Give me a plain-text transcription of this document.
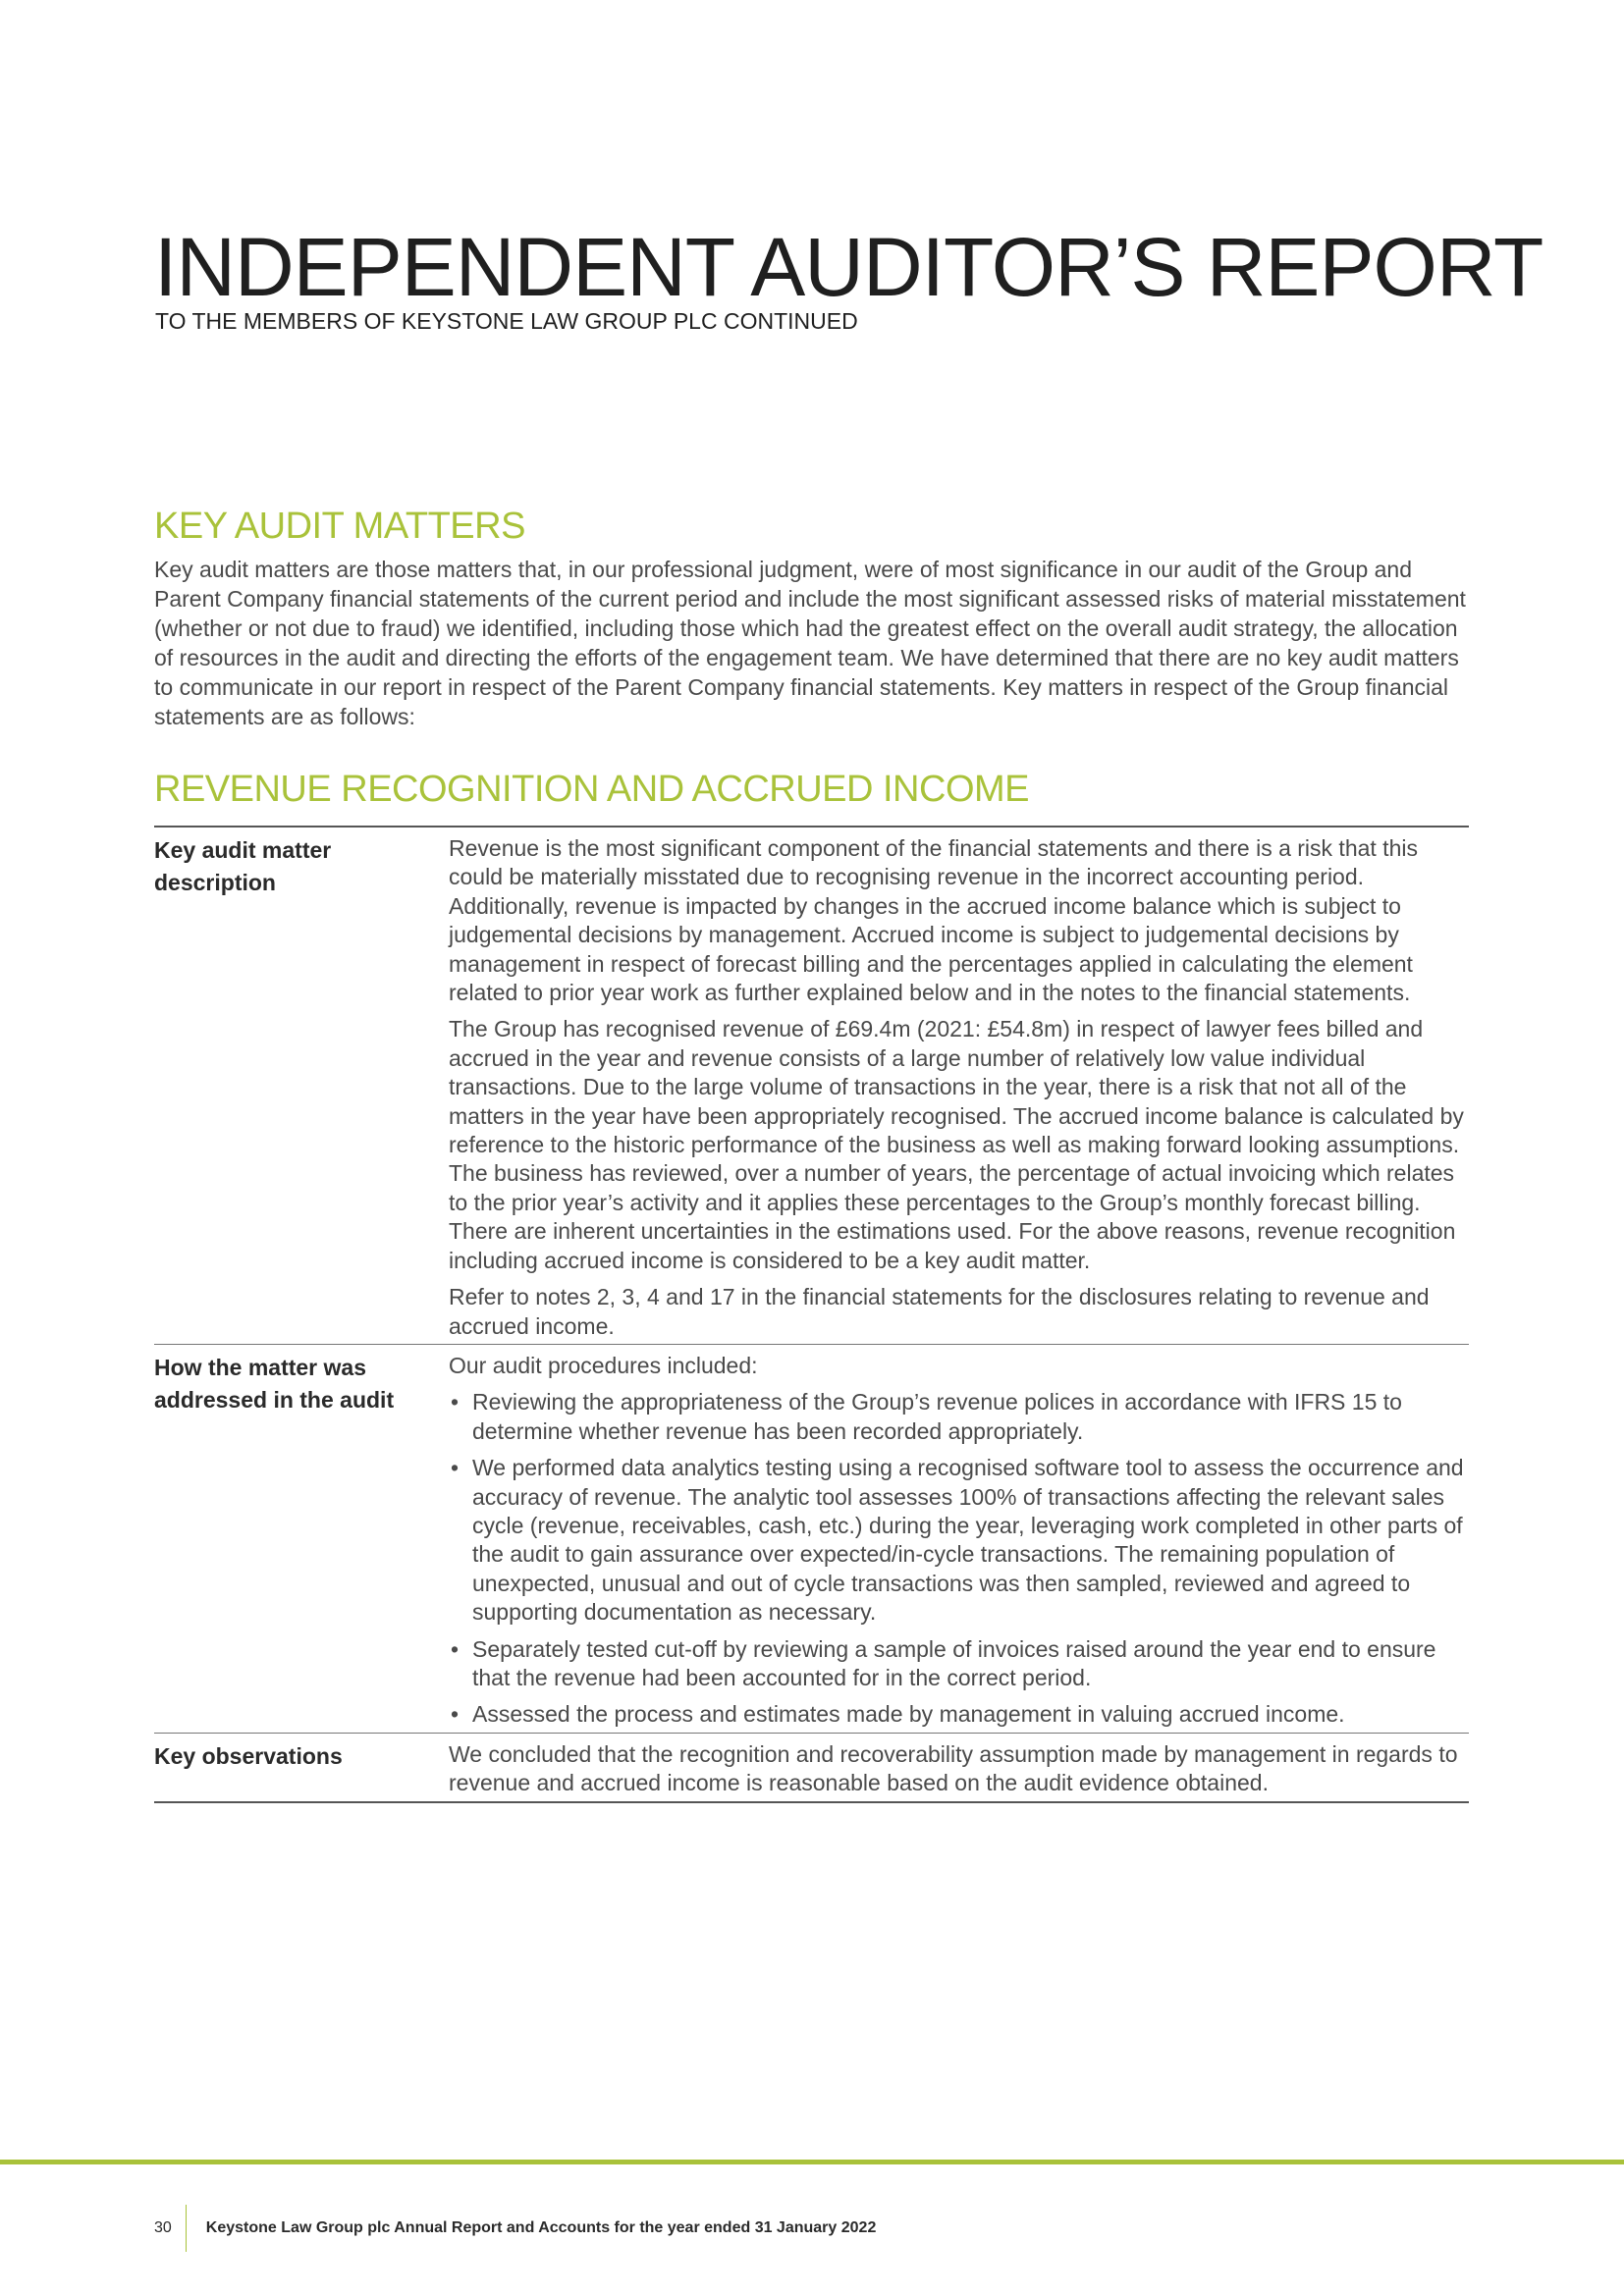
INDEPENDENT AUDITOR’S REPORT
TO THE MEMBERS OF KEYSTONE LAW GROUP PLC CONTINUED
KEY AUDIT MATTERS

Key audit matters are those matters that, in our professional judgment, were of most significance in our audit of the Group and Parent Company financial statements of the current period and include the most significant assessed risks of material misstatement (whether or not due to fraud) we identified, including those which had the greatest effect on the overall audit strategy, the allocation of resources in the audit and directing the efforts of the engagement team. We have determined that there are no key audit matters to communicate in our report in respect of the Parent Company financial statements. Key matters in respect of the Group financial statements are as follows:

REVENUE RECOGNITION AND ACCRUED INCOME
Key audit matter description

Revenue is the most significant component of the financial statements and there is a risk that this could be materially misstated due to recognising revenue in the incorrect accounting period. Additionally, revenue is impacted by changes in the accrued income balance which is subject to judgemental decisions by management. Accrued income is subject to judgemental decisions by management in respect of forecast billing and the percentages applied in calculating the element related to prior year work as further explained below and in the notes to the financial statements.

The Group has recognised revenue of £69.4m (2021: £54.8m) in respect of lawyer fees billed and accrued in the year and revenue consists of a large number of relatively low value individual transactions. Due to the large volume of transactions in the year, there is a risk that not all of the matters in the year have been appropriately recognised. The accrued income balance is calculated by reference to the historic performance of the business as well as making forward looking assumptions. The business has reviewed, over a number of years, the percentage of actual invoicing which relates to the prior year’s activity and it applies these percentages to the Group’s monthly forecast billing. There are inherent uncertainties in the estimations used. For the above reasons, revenue recognition including accrued income is considered to be a key audit matter.

Refer to notes 2, 3, 4 and 17 in the financial statements for the disclosures relating to revenue and accrued income.

How the matter was addressed in the audit

Our audit procedures included:

• Reviewing the appropriateness of the Group’s revenue polices in accordance with IFRS 15 to determine whether revenue has been recorded appropriately.
• We performed data analytics testing using a recognised software tool to assess the occurrence and accuracy of revenue. The analytic tool assesses 100% of transactions affecting the relevant sales cycle (revenue, receivables, cash, etc.) during the year, leveraging work completed in other parts of the audit to gain assurance over expected/in-cycle transactions. The remaining population of unexpected, unusual and out of cycle transactions was then sampled, reviewed and agreed to supporting documentation as necessary.
• Separately tested cut-off by reviewing a sample of invoices raised around the year end to ensure that the revenue had been accounted for in the correct period.
• Assessed the process and estimates made by management in valuing accrued income.
Key observations	We concluded that the recognition and recoverability assumption made by management in regards to revenue and accrued income is reasonable based on the audit evidence obtained.

30	Keystone Law Group plc Annual Report and Accounts for the year ended 31 January 2022
